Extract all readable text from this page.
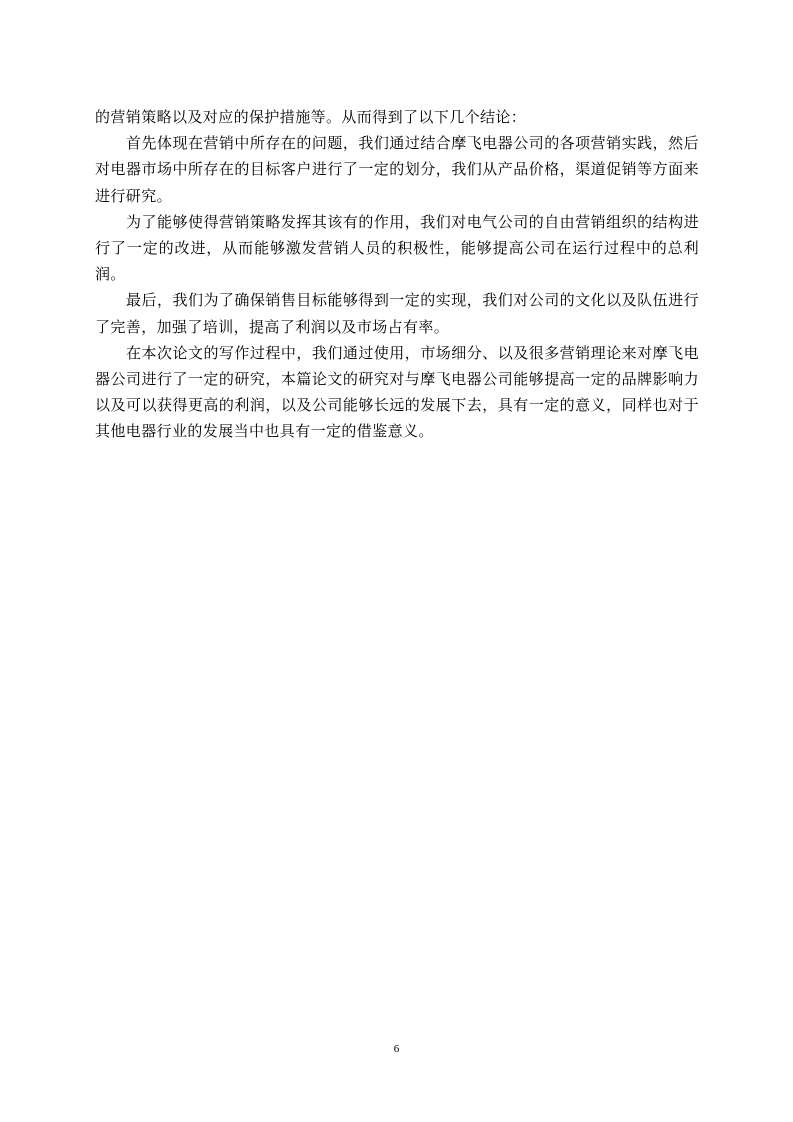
的营销策略以及对应的保护措施等。从而得到了以下几个结论：

首先体现在营销中所存在的问题，我们通过结合摩飞电器公司的各项营销实践，然后对电器市场中所存在的目标客户进行了一定的划分，我们从产品价格，渠道促销等方面来进行研究。

为了能够使得营销策略发挥其该有的作用，我们对电气公司的自由营销组织的结构进行了一定的改进，从而能够激发营销人员的积极性，能够提高公司在运行过程中的总利润。

最后，我们为了确保销售目标能够得到一定的实现，我们对公司的文化以及队伍进行了完善，加强了培训，提高了利润以及市场占有率。

在本次论文的写作过程中，我们通过使用，市场细分、以及很多营销理论来对摩飞电器公司进行了一定的研究，本篇论文的研究对与摩飞电器公司能够提高一定的品牌影响力以及可以获得更高的利润，以及公司能够长远的发展下去，具有一定的意义，同样也对于其他电器行业的发展当中也具有一定的借鉴意义。

6
